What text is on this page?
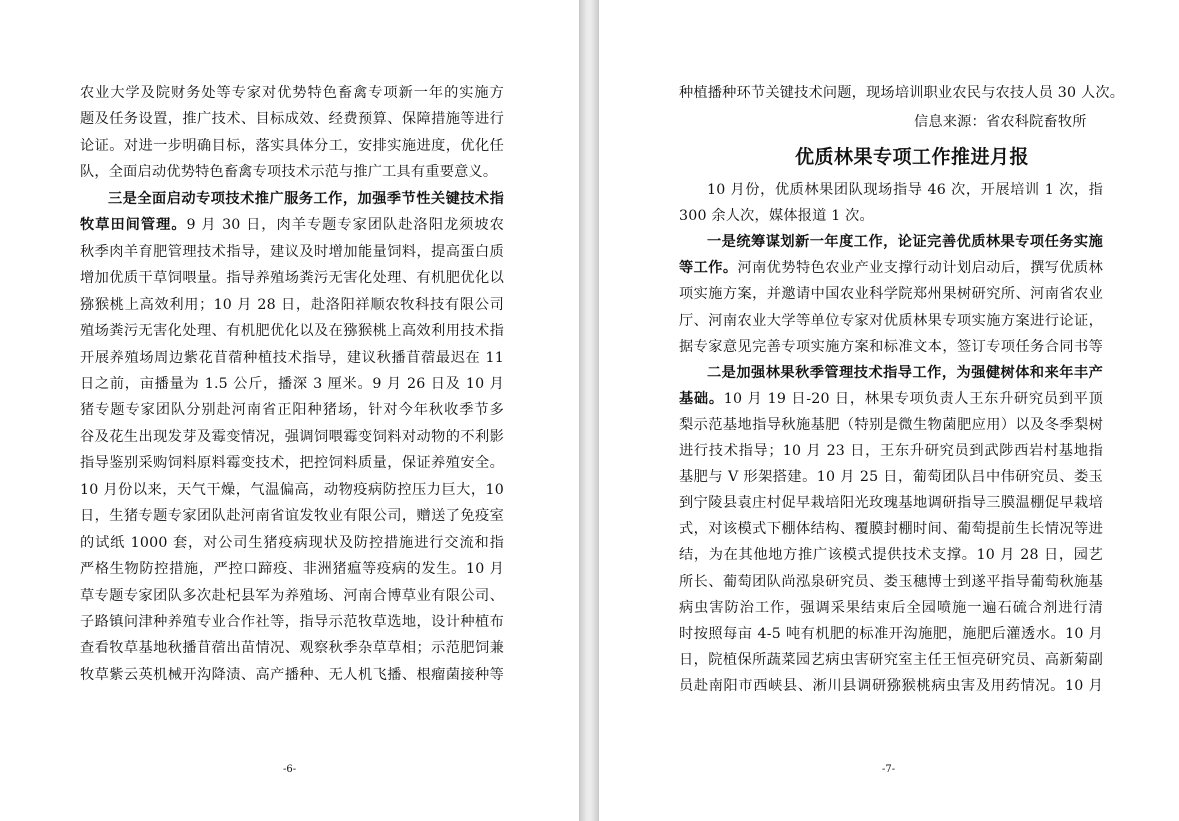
农业大学及院财务处等专家对优势特色畜禽专项新一年的实施方
题及任务设置，推广技术、目标成效、经费预算、保障措施等进行
论证。对进一步明确目标，落实具体分工，安排实施进度，优化任
队，全面启动优势特色畜禽专项技术示范与推广工具有重要意义。
三是全面启动专项技术推广服务工作，加强季节性关键技术指
牧草田间管理。9 月 30 日，肉羊专题专家团队赴洛阳龙须坡农
秋季肉羊育肥管理技术指导，建议及时增加能量饲料，提高蛋白质
增加优质干草饲喂量。指导养殖场粪污无害化处理、有机肥优化以
猕猴桃上高效利用；10 月 28 日，赴洛阳祥顺农牧科技有限公司
殖场粪污无害化处理、有机肥优化以及在猕猴桃上高效利用技术指
开展养殖场周边紫花苜蓿种植技术指导，建议秋播苜蓿最迟在 11
日之前，亩播量为 1.5 公斤，播深 3 厘米。9 月 26 日及 10 月
猪专题专家团队分别赴河南省正阳种猪场，针对今年秋收季节多
谷及花生出现发芽及霉变情况，强调饲喂霉变饲料对动物的不利影
指导鉴别采购饲料原料霉变技术，把控饲料质量，保证养殖安全。
10 月份以来，天气干燥，气温偏高，动物疫病防控压力巨大，10
日，生猪专题专家团队赴河南省谊发牧业有限公司，赠送了免疫室
的试纸 1000 套，对公司生猪疫病现状及防控措施进行交流和指
严格生物防控措施，严控口蹄疫、非洲猪瘟等疫病的发生。10 月
草专题专家团队多次赴杞县军为养殖场、河南合博草业有限公司、
子路镇问津种养殖专业合作社等，指导示范牧草选地，设计种植布
查看牧草基地秋播苜蓿出苗情况、观察秋季杂草草相；示范肥饲兼
牧草紫云英机械开沟降渍、高产播种、无人机飞播、根瘤菌接种等
-6-
种植播种环节关键技术问题，现场培训职业农民与农技人员 30 人次。
信息来源：省农科院畜牧所
优质林果专项工作推进月报
10 月份，优质林果团队现场指导 46 次，开展培训 1 次，指
300 余人次，媒体报道 1 次。
一是统筹谋划新一年度工作，论证完善优质林果专项任务实施
等工作。河南优势特色农业产业支撑行动计划启动后，撰写优质林
项实施方案，并邀请中国农业科学院郑州果树研究所、河南省农业
厅、河南农业大学等单位专家对优质林果专项实施方案进行论证，
据专家意见完善专项实施方案和标准文本，签订专项任务合同书等
二是加强林果秋季管理技术指导工作，为强健树体和来年丰产
基础。10 月 19 日-20 日，林果专项负责人王东升研究员到平顶
梨示范基地指导秋施基肥（特别是微生物菌肥应用）以及冬季梨树
进行技术指导；10 月 23 日，王东升研究员到武陟西岩村基地指
基肥与 V 形架搭建。10 月 25 日，葡萄团队吕中伟研究员、娄玉
到宁陵县袁庄村促早栽培阳光玫瑰基地调研指导三膜温棚促早栽培
式，对该模式下棚体结构、覆膜封棚时间、葡萄提前生长情况等进
结，为在其他地方推广该模式提供技术支撑。10 月 28 日，园艺
所长、葡萄团队尚泓泉研究员、娄玉穗博士到遂平指导葡萄秋施基
病虫害防治工作，强调采果结束后全园喷施一遍石硫合剂进行清
时按照每亩 4-5 吨有机肥的标准开沟施肥，施肥后灌透水。10 月
日，院植保所蔬菜园艺病虫害研究室主任王恒亮研究员、高新菊副
员赴南阳市西峡县、淅川县调研猕猴桃病虫害及用药情况。10 月
-7-
